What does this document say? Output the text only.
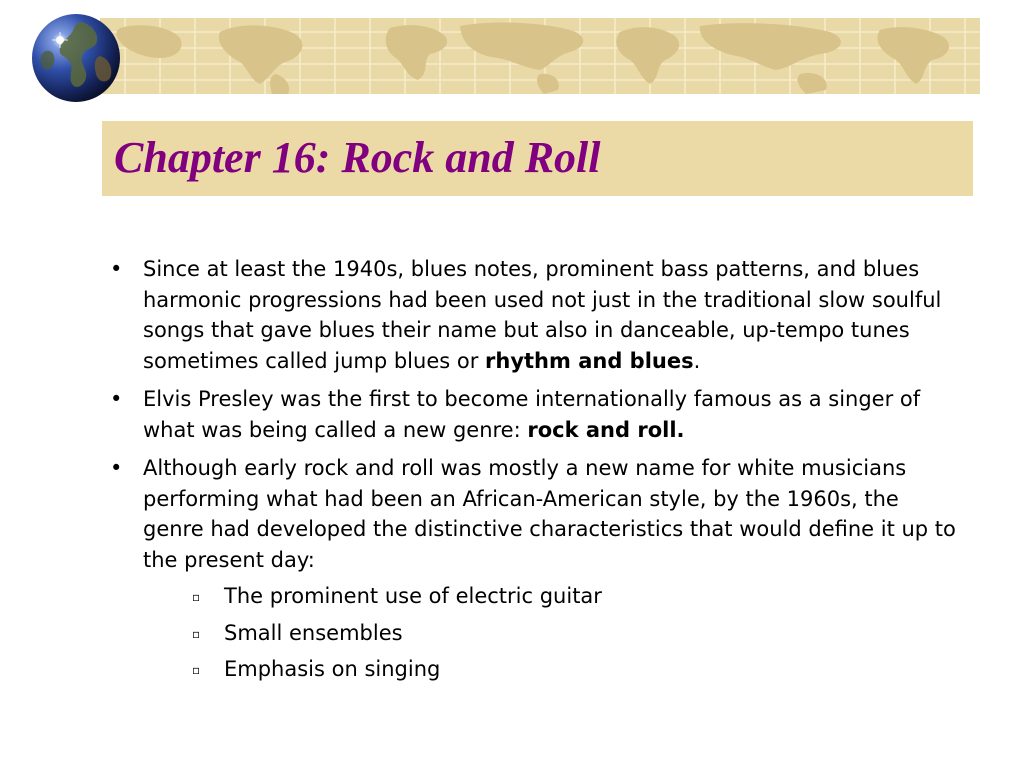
Chapter 16: Rock and Roll
• Since at least the 1940s, blues notes, prominent bass patterns, and blues harmonic progressions had been used not just in the traditional slow soulful songs that gave blues their name but also in danceable, up-tempo tunes sometimes called jump blues or rhythm and blues.
• Elvis Presley was the first to become internationally famous as a singer of what was being called a new genre: rock and roll.
• Although early rock and roll was mostly a new name for white musicians performing what had been an African-American style, by the 1960s, the genre had developed the distinctive characteristics that would define it up to the present day:
▫ The prominent use of electric guitar
▫ Small ensembles
▫ Emphasis on singing
